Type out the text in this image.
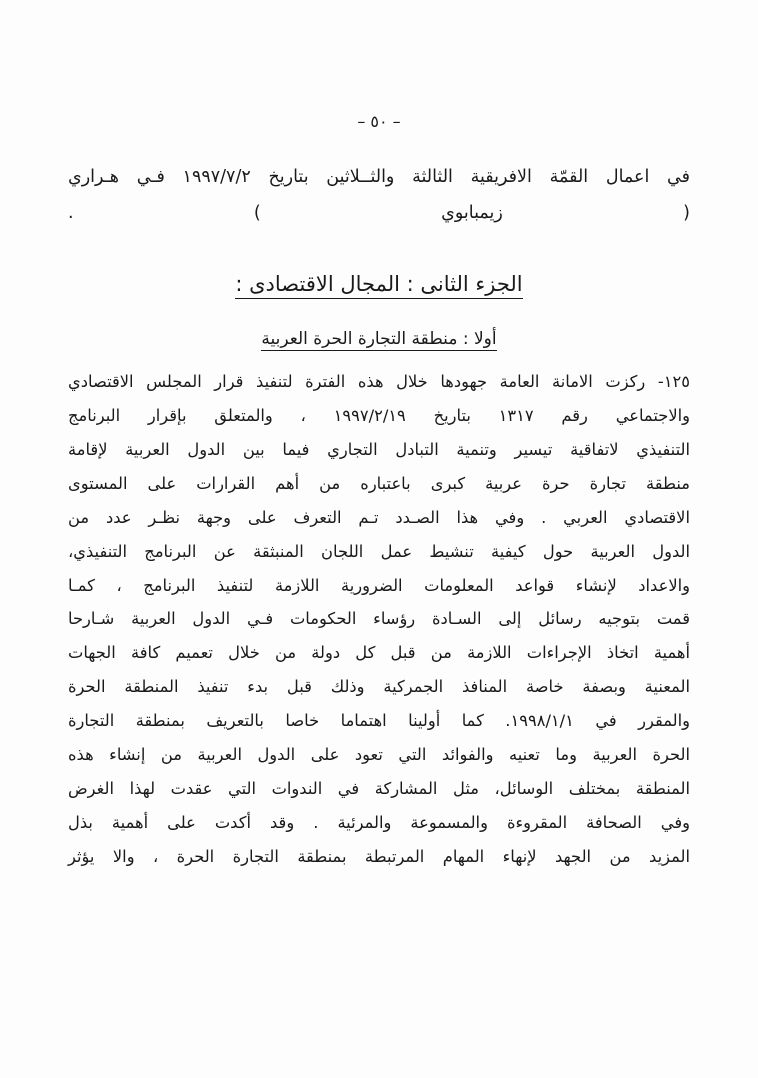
– ٥٠ –
في اعمال القمّة الافريقية الثالثة والثــلاثين بتاريخ ١٩٩٧/٧/٢ فـي هـراري
( زيمبابوي ) .
الجزء الثانى : المجال الاقتصادى :
أولا : منطقة التجارة الحرة العربية

١٢٥- ركزت الامانة العامة جهودها خلال هذه الفترة لتنفيذ قرار المجلس الاقتصادي

والاجتماعي رقم ١٣١٧ بتاريخ ١٩٩٧/٢/١٩ ، والمتعلق بإقرار البرنامج

التنفيذي لاتفاقية تيسير وتنمية التبادل التجاري فيما بين الدول العربية لإقامة

منطقة تجارة حرة عربية كبرى باعتباره من أهم القرارات على المستوى

الاقتصادي العربي . وفي هذا الصـدد تـم التعرف على وجهة نظـر عدد من

الدول العربية حول كيفية تنشيط عمل اللجان المنبثقة عن البرنامج التنفيذي،

والاعداد لإنشاء قواعد المعلومات الضرورية اللازمة لتنفيذ البرنامج ، كمـا

قمت بتوجيه رسائل إلى السـادة رؤساء الحكومات فـي الدول العربية شـارحا

أهمية اتخاذ الإجراءات اللازمة من قبل كل دولة من خلال تعميم كافة الجهات

المعنية وبصفة خاصة المنافذ الجمركية وذلك قبل بدء تنفيذ المنطقة الحرة

والمقرر في ١٩٩٨/١/١. كما أولينا اهتماما خاصا بالتعريف بمنطقة التجارة

الحرة العربية وما تعنيه والفوائد التي تعود على الدول العربية من إنشاء هذه

المنطقة بمختلف الوسائل، مثل المشاركة في الندوات التي عقدت لهذا الغرض

وفي الصحافة المقروءة والمسموعة والمرئية . وقد أكدت على أهمية بذل

المزيد من الجهد لإنهاء المهام المرتبطة بمنطقة التجارة الحرة ، والا يؤثر
